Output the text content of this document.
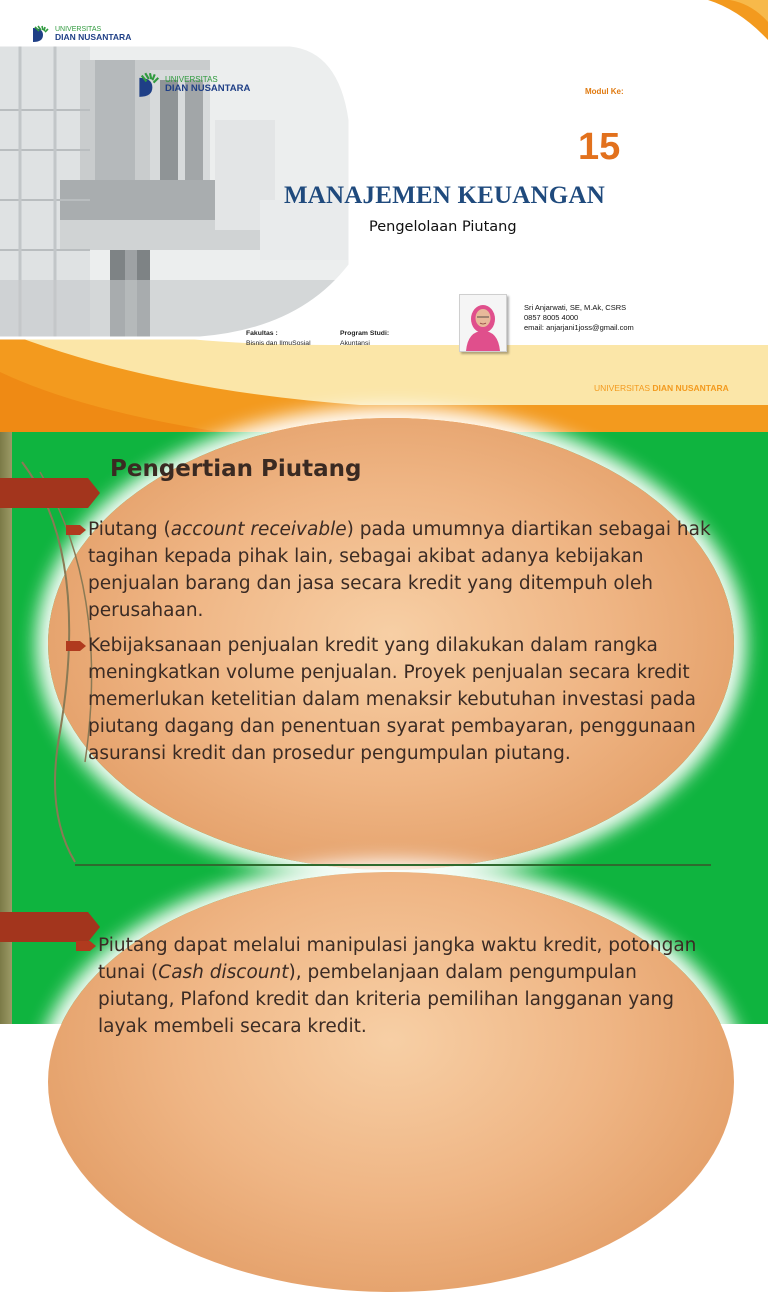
UNIVERSITAS
DIAN NUSANTARA
UNIVERSITAS
DIAN NUSANTARA	Modul Ke:
15
MANAJEMEN KEUANGAN
Pengelolaan Piutang
Fakultas :
Bisnis dan IlmuSosial
Program Studi:
Akuntansi
Sri Anjarwati, SE, M.Ak, CSRS
0857 8005 4000
email: anjarjani1joss@gmail.com
UNIVERSITAS DIAN NUSANTARA
Pengertian Piutang
Piutang (account receivable) pada umumnya diartikan sebagai hak tagihan kepada pihak lain, sebagai akibat adanya kebijakan penjualan barang dan jasa secara kredit yang ditempuh oleh perusahaan.
Kebijaksanaan penjualan kredit yang dilakukan dalam rangka meningkatkan volume penjualan. Proyek penjualan secara kredit memerlukan ketelitian dalam menaksir kebutuhan investasi pada piutang dagang dan penentuan syarat pembayaran, penggunaan asuransi kredit dan prosedur pengumpulan piutang.
Piutang dapat melalui manipulasi jangka waktu kredit, potongan tunai (Cash discount), pembelanjaan dalam pengumpulan piutang, Plafond kredit dan kriteria pemilihan langganan yang layak membeli secara kredit.
